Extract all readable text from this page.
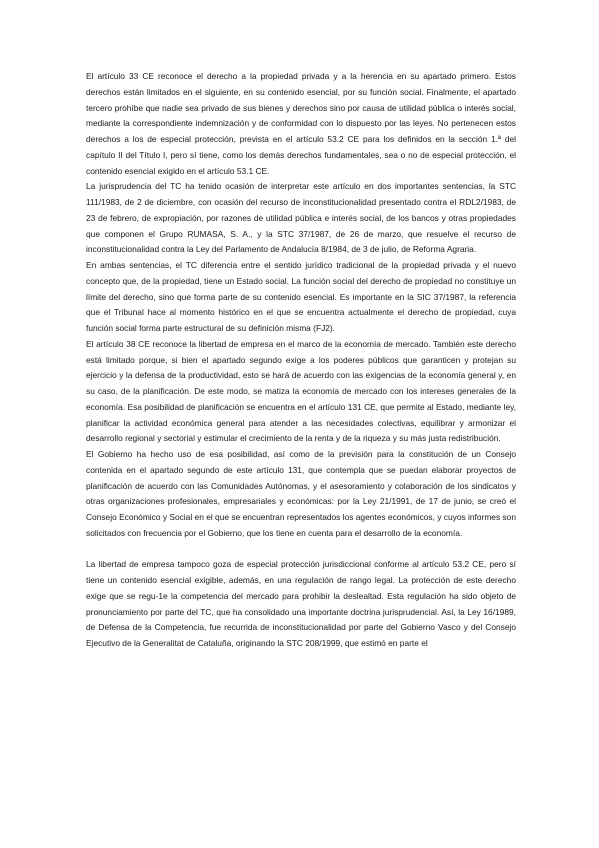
El artículo 33 CE reconoce el derecho a la propiedad privada y a la herencia en su apartado primero. Estos derechos están limitados en el siguiente, en su contenido esencial, por su función social. Finalmente, el apartado tercero prohíbe que nadie sea privado de sus bienes y derechos sino por causa de utilidad pública o interés social, mediante la correspondiente indemnización y de conformidad con lo dispuesto por las leyes. No pertenecen estos derechos a los de especial protección, prevista en el artículo 53.2 CE para los definidos en la sección 1.ª del capítulo II del Título I, pero sí tiene, como los demás derechos fundamentales, sea o no de especial protección, el contenido esencial exigido en el artículo 53.1 CE.

La jurisprudencia del TC ha tenido ocasión de interpretar este artículo en dos importantes sentencias, la STC 111/1983, de 2 de diciembre, con ocasión del recurso de inconstitucionalidad presentado contra el RDL2/1983, de 23 de febrero, de expropiación, por razones de utilidad pública e interés social, de los bancos y otras propiedades que componen el Grupo RUMASA, S. A., y la STC 37/1987, de 26 de marzo, que resuelve el recurso de inconstitucionalidad contra la Ley del Parlamento de Andalucía 8/1984, de 3 de julio, de Reforma Agraria.

En ambas sentencias, el TC diferencia entre el sentido jurídico tradicional de la propiedad privada y el nuevo concepto que, de la propiedad, tiene un Estado social. La función social del derecho de propiedad no constituye un límite del derecho, sino que forma parte de su contenido esencial. Es importante en la SIC 37/1987, la referencia que el Tribunal hace al momento histórico en el que se encuentra actualmente el derecho de propiedad, cuya función social forma parte estructural de su definición misma (FJ2).

El artículo 38 CE reconoce la libertad de empresa en el marco de la economía de mercado. También este derecho está limitado porque, si bien el apartado segundo exige a los poderes públicos que garanticen y protejan su ejercicio y la defensa de la productividad, esto se hará de acuerdo con las exigencias de la economía general y, en su caso, de la planificación. De este modo, se matiza la economía de mercado con los intereses generales de la economía. Esa posibilidad de planificación se encuentra en el artículo 131 CE, que permite al Estado, mediante ley, planificar la actividad económica general para atender a las necesidades colectivas, equilibrar y armonizar el desarrollo regional y sectorial y estimular el crecimiento de la renta y de la riqueza y su más justa redistribución.

El Gobierno ha hecho uso de esa posibilidad, así como de la previsión para la constitución de un Consejo contenida en el apartado segundo de este artículo 131, que contempla que se puedan elaborar proyectos de planificación de acuerdo con las Comunidades Autónomas, y el asesoramiento y colaboración de los sindicatos y otras organizaciones profesionales, empresariales y económicas: por la Ley 21/1991, de 17 de junio, se creó el Consejo Económico y Social en el que se encuentran representados los agentes económicos, y cuyos informes son solicitados con frecuencia por el Gobierno, que los tiene en cuenta para el desarrollo de la economía.

La libertad de empresa tampoco goza de especial protección jurisdiccional conforme al artículo 53.2 CE, pero sí tiene un contenido esencial exigible, además, en una regulación de rango legal. La protección de este derecho exige que se regu-1e la competencia del mercado para prohibir la deslealtad. Esta regulación ha sido objeto de pronunciamiento por parte del TC, que ha consolidado una importante doctrina jurisprudencial. Así, la Ley 16/1989, de Defensa de la Competencia, fue recurrida de inconstitucionalidad por parte del Gobierno Vasco y del Consejo Ejecutivo de la Generalitat de Cataluña, originando la STC 208/1999, que estimó en parte el
